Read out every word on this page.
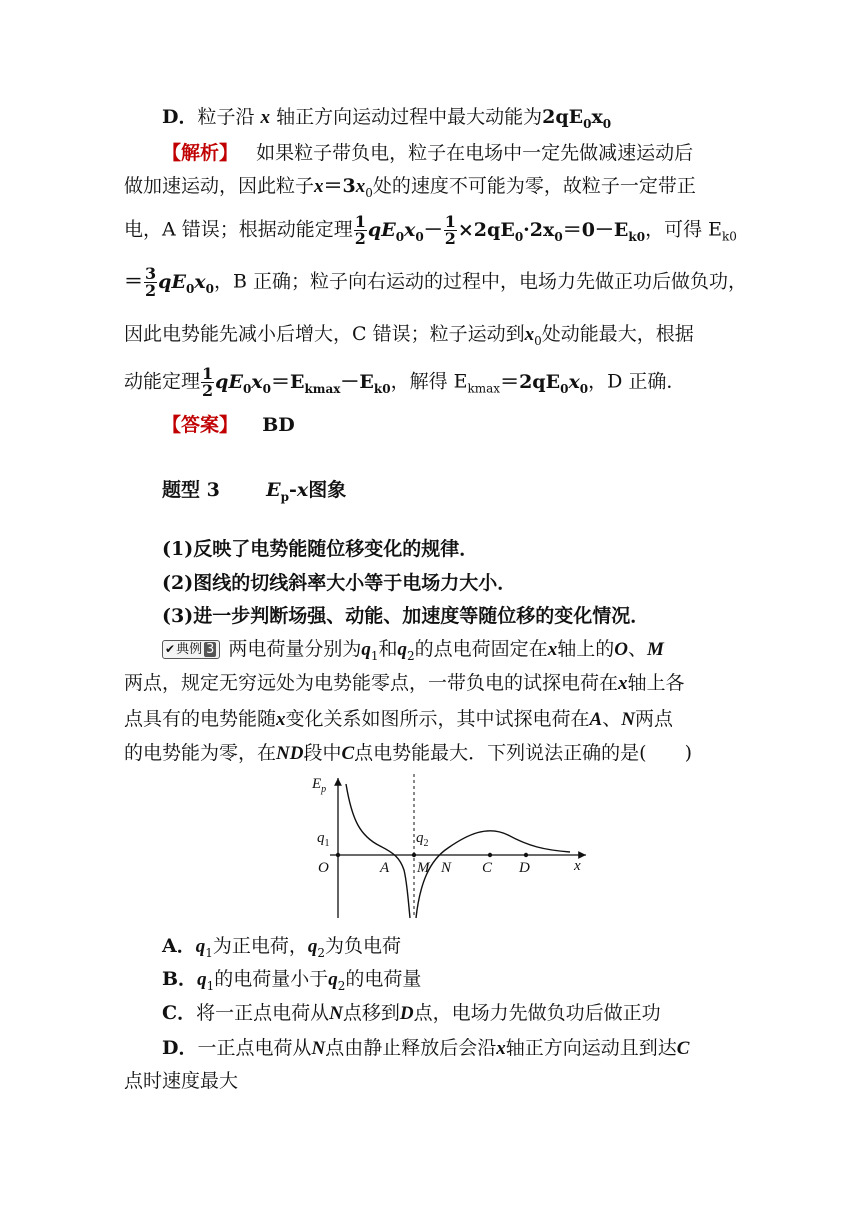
D．粒子沿 x 轴正方向运动过程中最大动能为$2qE_0x_0$
【解析】 如果粒子带负电，粒子在电场中一定先做减速运动后
做加速运动，因此粒子$x=3x_0$处的速度不可能为零，故粒子一定带正
电，A 错误；根据动能定理 $\frac{1}{2} qE_0x_0- \frac{1}{2} \times 2qE_0\cdot 2x_0=0-E_{k0}$，可得 $E_{k0}$
＝ $\frac{3}{2} qE_0x_0$，B 正确；粒子向右运动的过程中，电场力先做正功后做负功，
因此电势能先减小后增大，C 错误；粒子运动到$x_0$处动能最大，根据
动能定理 $\frac{1}{2} qE_0x_0=E_{kmax}-E_{k0}$，解得 $E_{kmax}=2qE_0x_0$，D 正确．
【答案】 BD
题型 3 $E_p-x$图象
(1)反映了电势能随位移变化的规律．
(2)图线的切线斜率大小等于电场力大小．
(3)进一步判断场强、动能、加速度等随位移的变化情况．
✔典例 3 两电荷量分别为$q_1$和$q_2$的点电荷固定在x轴上的O、M
两点，规定无穷远处为电势能零点，一带负电的试探电荷在x轴上各
点具有的电势能随x变化关系如图所示，其中试探电荷在A、N两点
的电势能为零，在ND段中C点电势能最大．下列说法正确的是(　　)
$E_p$
$q_1$	$q_2$
O	A M N C D	x
A．$q_1$为正电荷，$q_2$为负电荷
B．$q_1$的电荷量小于$q_2$的电荷量
C．将一正点电荷从N点移到D点，电场力先做负功后做正功
D．一正点电荷从N点由静止释放后会沿x轴正方向运动且到达C
点时速度最大
